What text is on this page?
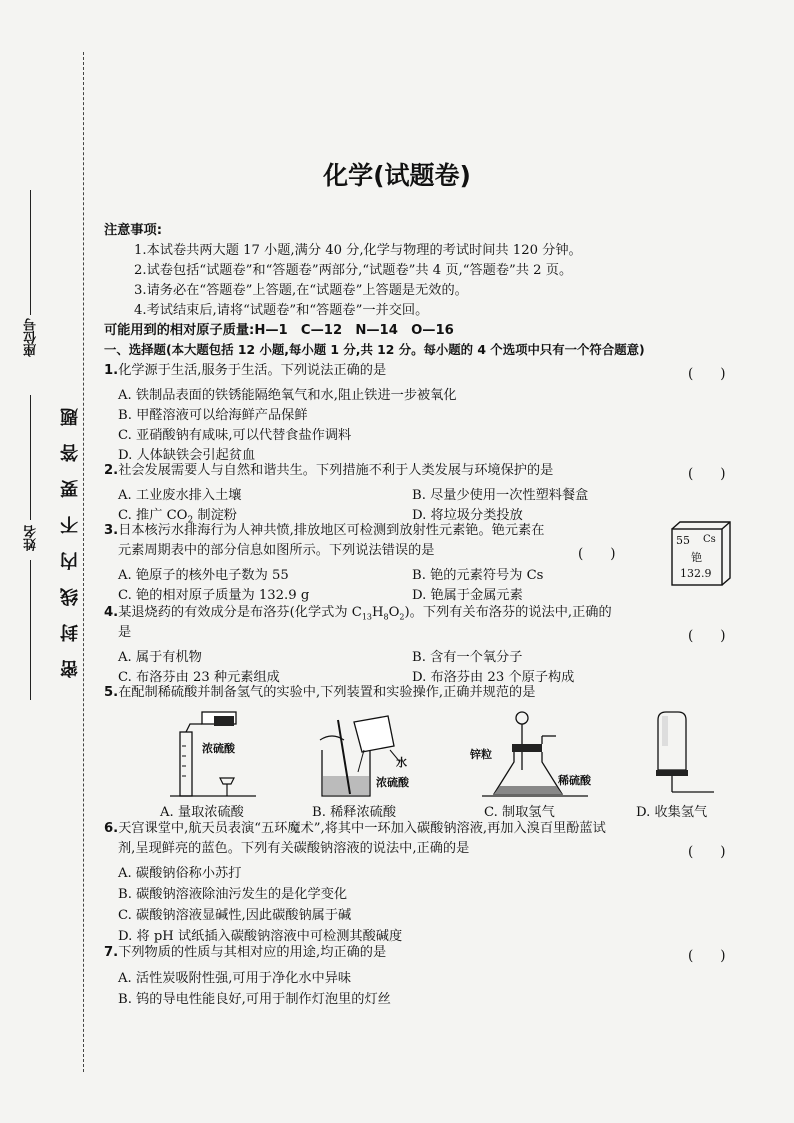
座位号
姓名 密封线内不要答题
化学(试题卷)
注意事项:
1.本试卷共两大题 17 小题,满分 40 分,化学与物理的考试时间共 120 分钟。
2.试卷包括“试题卷”和“答题卷”两部分,“试题卷”共 4 页,“答题卷”共 2 页。
3.请务必在“答题卷”上答题,在“试题卷”上答题是无效的。
4.考试结束后,请将“试题卷”和“答题卷”一并交回。
可能用到的相对原子质量:H—1　C—12　N—14　O—16
一、选择题(本大题包括 12 小题,每小题 1 分,共 12 分。每小题的 4 个选项中只有一个符合题意)
1.化学源于生活,服务于生活。下列说法正确的是	(　　)
A. 铁制品表面的铁锈能隔绝氧气和水,阻止铁进一步被氧化
B. 甲醛溶液可以给海鲜产品保鲜
C. 亚硝酸钠有咸味,可以代替食盐作调料
D. 人体缺铁会引起贫血
2.社会发展需要人与自然和谐共生。下列措施不利于人类发展与环境保护的是	(　　)
A. 工业废水排入土壤	B. 尽量少使用一次性塑料餐盒
C. 推广 $CO_2$ 制淀粉	D. 将垃圾分类投放
3.日本核污水排海行为人神共愤,排放地区可检测到放射性元素铯。铯元素在
元素周期表中的部分信息如图所示。下列说法错误的是	(　　)
A. 铯原子的核外电子数为 55	B. 铯的元素符号为 Cs
C. 铯的相对原子质量为 132.9 g	D. 铯属于金属元素
55 Cs
铯
132.9
4.某退烧药的有效成分是布洛芬(化学式为 $C_{13}H_8O_2$)。下列有关布洛芬的说法中,正确的
是	(　　)
A. 属于有机物	B. 含有一个氧分子
C. 布洛芬由 23 种元素组成	D. 布洛芬由 23 个原子构成
5.在配制稀硫酸并制备氢气的实验中,下列装置和实验操作,正确并规范的是
浓硫酸
水
浓硫酸
锌粒
稀硫酸
A. 量取浓硫酸	B. 稀释浓硫酸	C. 制取氢气	D. 收集氢气
6.天宫课堂中,航天员表演“五环魔术”,将其中一环加入碳酸钠溶液,再加入溴百里酚蓝试
剂,呈现鲜亮的蓝色。下列有关碳酸钠溶液的说法中,正确的是	(　　)
A. 碳酸钠俗称小苏打
B. 碳酸钠溶液除油污发生的是化学变化
C. 碳酸钠溶液显碱性,因此碳酸钠属于碱
D. 将 pH 试纸插入碳酸钠溶液中可检测其酸碱度
7.下列物质的性质与其相对应的用途,均正确的是	(　　)
A. 活性炭吸附性强,可用于净化水中异味
B. 钨的导电性能良好,可用于制作灯泡里的灯丝
